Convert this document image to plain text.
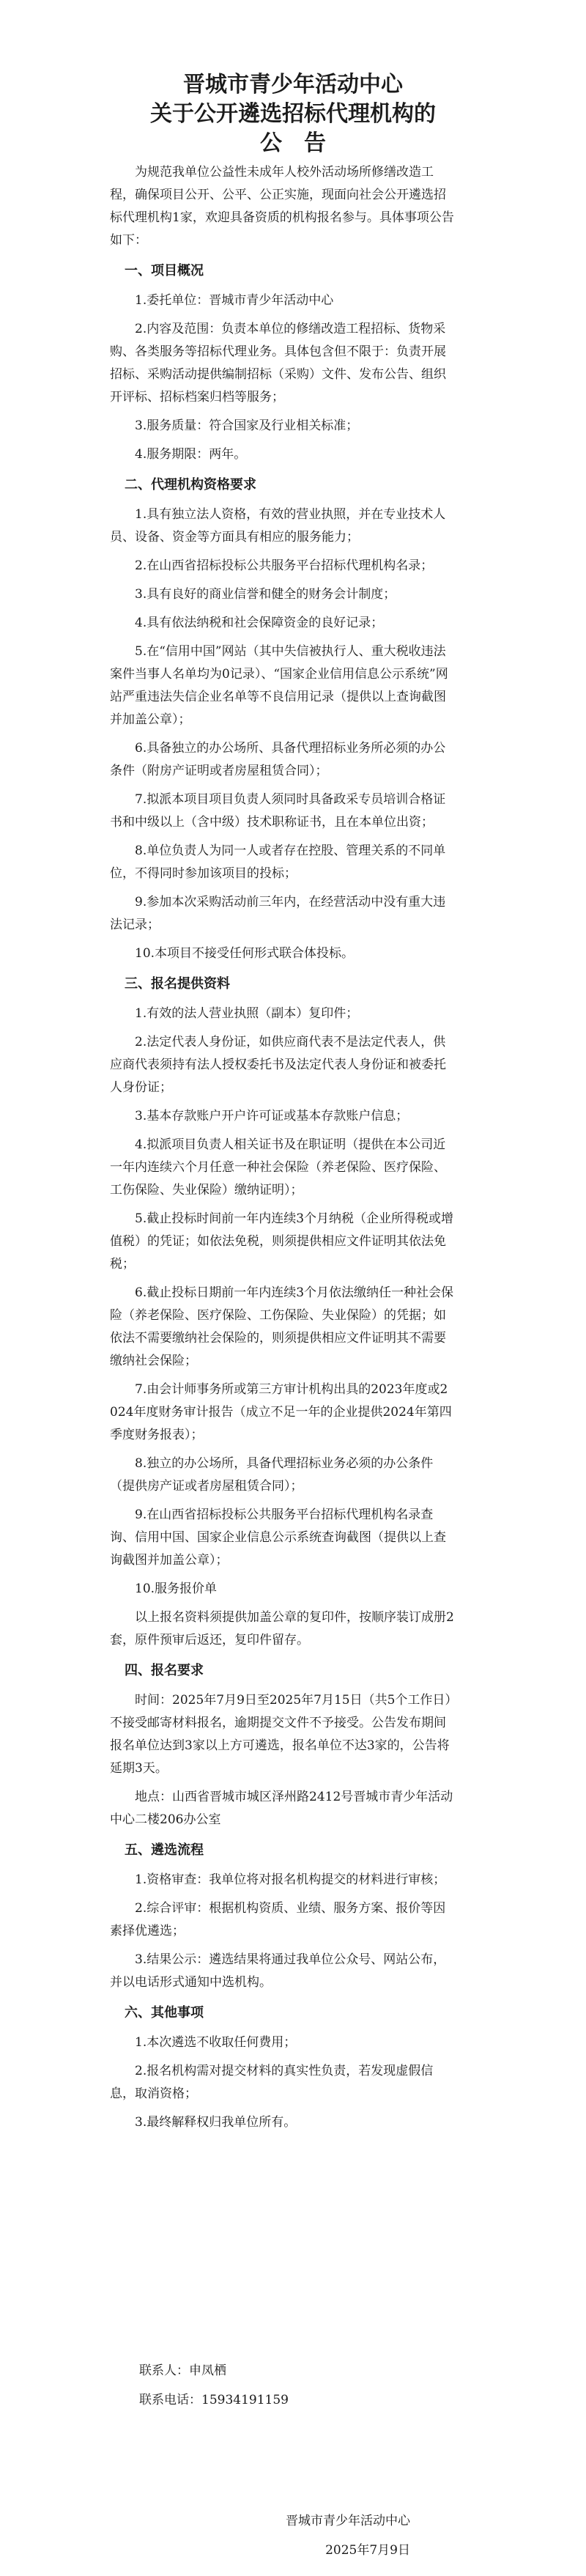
晋城市青少年活动中心
关于公开遴选招标代理机构的
公　告

为规范我单位公益性未成年人校外活动场所修缮改造工程，确保项目公开、公平、公正实施，现面向社会公开遴选招标代理机构1家，欢迎具备资质的机构报名参与。具体事项公告如下：

一、项目概况

1.委托单位：晋城市青少年活动中心

2.内容及范围：负责本单位的修缮改造工程招标、货物采购、各类服务等招标代理业务。具体包含但不限于：负责开展招标、采购活动提供编制招标（采购）文件、发布公告、组织开评标、招标档案归档等服务；

3.服务质量：符合国家及行业相关标准；

4.服务期限：两年。

二、代理机构资格要求

1.具有独立法人资格，有效的营业执照，并在专业技术人员、设备、资金等方面具有相应的服务能力；

2.在山西省招标投标公共服务平台招标代理机构名录；

3.具有良好的商业信誉和健全的财务会计制度；

4.具有依法纳税和社会保障资金的良好记录；

5.在“信用中国”网站（其中失信被执行人、重大税收违法案件当事人名单均为0记录）、“国家企业信用信息公示系统”网站严重违法失信企业名单等不良信用记录（提供以上查询截图并加盖公章）；

6.具备独立的办公场所、具备代理招标业务所必须的办公条件（附房产证明或者房屋租赁合同）；

7.拟派本项目项目负责人须同时具备政采专员培训合格证书和中级以上（含中级）技术职称证书，且在本单位出资；

8.单位负责人为同一人或者存在控股、管理关系的不同单位，不得同时参加该项目的投标；

9.参加本次采购活动前三年内，在经营活动中没有重大违法记录；

10.本项目不接受任何形式联合体投标。

三、报名提供资料

1.有效的法人营业执照（副本）复印件；

2.法定代表人身份证，如供应商代表不是法定代表人，供应商代表须持有法人授权委托书及法定代表人身份证和被委托人身份证；

3.基本存款账户开户许可证或基本存款账户信息；

4.拟派项目负责人相关证书及在职证明（提供在本公司近一年内连续六个月任意一种社会保险（养老保险、医疗保险、工伤保险、失业保险）缴纳证明）；

5.截止投标时间前一年内连续3个月纳税（企业所得税或增值税）的凭证；如依法免税，则须提供相应文件证明其依法免税；

6.截止投标日期前一年内连续3个月依法缴纳任一种社会保险（养老保险、医疗保险、工伤保险、失业保险）的凭据；如依法不需要缴纳社会保险的，则须提供相应文件证明其不需要缴纳社会保险；

7.由会计师事务所或第三方审计机构出具的2023年度或2024年度财务审计报告（成立不足一年的企业提供2024年第四季度财务报表）；

8.独立的办公场所，具备代理招标业务必须的办公条件（提供房产证或者房屋租赁合同）；

9.在山西省招标投标公共服务平台招标代理机构名录查询、信用中国、国家企业信息公示系统查询截图（提供以上查询截图并加盖公章）；

10.服务报价单

以上报名资料须提供加盖公章的复印件，按顺序装订成册2套，原件预审后返还，复印件留存。

四、报名要求

时间：2025年7月9日至2025年7月15日（共5个工作日）不接受邮寄材料报名，逾期提交文件不予接受。公告发布期间报名单位达到3家以上方可遴选，报名单位不达3家的，公告将延期3天。

地点：山西省晋城市城区泽州路2412号晋城市青少年活动中心二楼206办公室

五、遴选流程

1.资格审查：我单位将对报名机构提交的材料进行审核；

2.综合评审：根据机构资质、业绩、服务方案、报价等因素择优遴选；

3.结果公示：遴选结果将通过我单位公众号、网站公布，并以电话形式通知中选机构。

六、其他事项

1.本次遴选不收取任何费用；

2.报名机构需对提交材料的真实性负责，若发现虚假信息，取消资格；

3.最终解释权归我单位所有。

联系人：申凤栖
联系电话：15934191159
晋城市青少年活动中心
2025年7月9日
